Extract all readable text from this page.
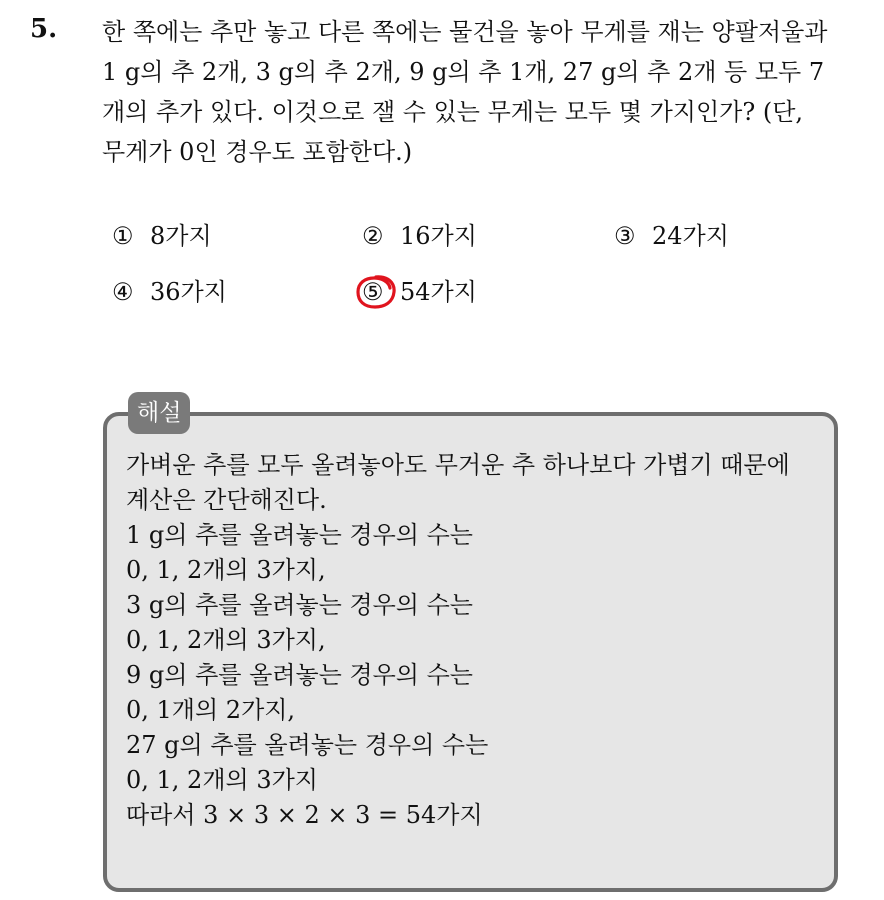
5. 한 쪽에는 추만 놓고 다른 쪽에는 물건을 놓아 무게를 재는 양팔저울과
1 g의 추 2개, 3 g의 추 2개, 9 g의 추 1개, 27 g의 추 2개 등 모두 7
개의 추가 있다. 이것으로 잴 수 있는 무게는 모두 몇 가지인가? (단,
무게가 0인 경우도 포함한다.)
① 8가지	② 16가지	③ 24가지
④ 36가지	⑤ 54가지
해설
가벼운 추를 모두 올려놓아도 무거운 추 하나보다 가볍기 때문에
계산은 간단해진다.
1 g의 추를 올려놓는 경우의 수는
0, 1, 2개의 3가지,
3 g의 추를 올려놓는 경우의 수는
0, 1, 2개의 3가지,
9 g의 추를 올려놓는 경우의 수는
0, 1개의 2가지,
27 g의 추를 올려놓는 경우의 수는
0, 1, 2개의 3가지
따라서 3 × 3 × 2 × 3 = 54가지
